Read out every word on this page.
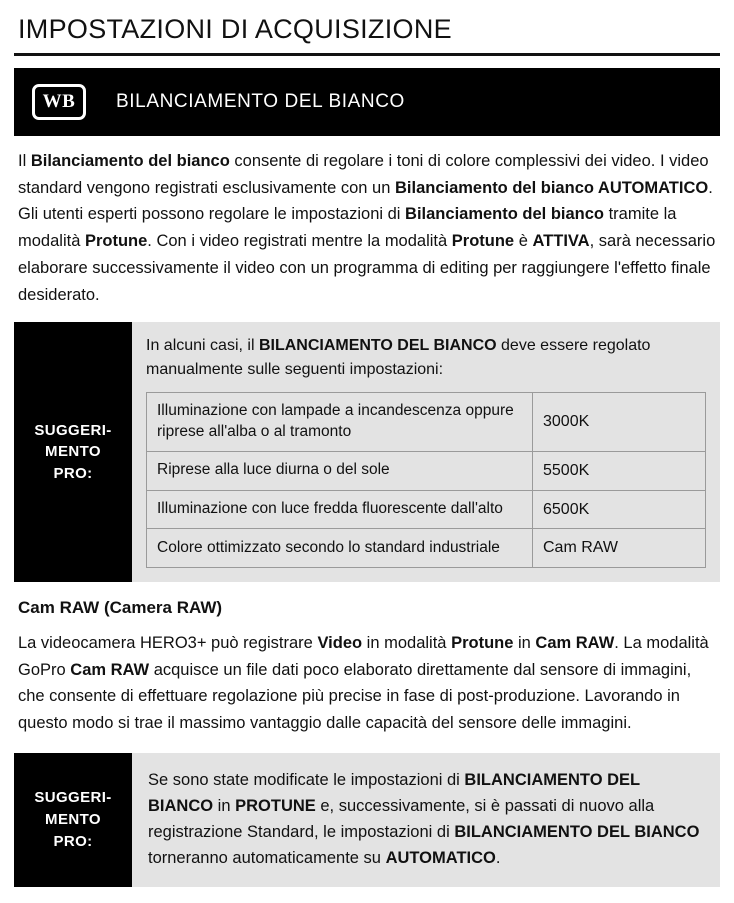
IMPOSTAZIONI DI ACQUISIZIONE
WB BILANCIAMENTO DEL BIANCO
Il Bilanciamento del bianco consente di regolare i toni di colore complessivi dei video. I video standard vengono registrati esclusivamente con un Bilanciamento del bianco AUTOMATICO. Gli utenti esperti possono regolare le impostazioni di Bilanciamento del bianco tramite la modalità Protune. Con i video registrati mentre la modalità Protune è ATTIVA, sarà necessario elaborare successivamente il video con un programma di editing per raggiungere l'effetto finale desiderato.
SUGGERI-
MENTO
PRO:
In alcuni casi, il BILANCIAMENTO DEL BIANCO deve essere regolato manualmente sulle seguenti impostazioni:
Illuminazione con lampade a incandescenza oppure riprese all'alba o al tramonto	3000K
Riprese alla luce diurna o del sole	5500K
Illuminazione con luce fredda fluorescente dall'alto	6500K
Colore ottimizzato secondo lo standard industriale	Cam RAW
Cam RAW (Camera RAW)
La videocamera HERO3+ può registrare Video in modalità Protune in Cam RAW. La modalità GoPro Cam RAW acquisce un file dati poco elaborato direttamente dal sensore di immagini, che consente di effettuare regolazione più precise in fase di post-produzione. Lavorando in questo modo si trae il massimo vantaggio dalle capacità del sensore delle immagini.
SUGGERI-
MENTO
PRO:
Se sono state modificate le impostazioni di BILANCIAMENTO DEL BIANCO in PROTUNE e, successivamente, si è passati di nuovo alla registrazione Standard, le impostazioni di BILANCIAMENTO DEL BIANCO torneranno automaticamente su AUTOMATICO.
